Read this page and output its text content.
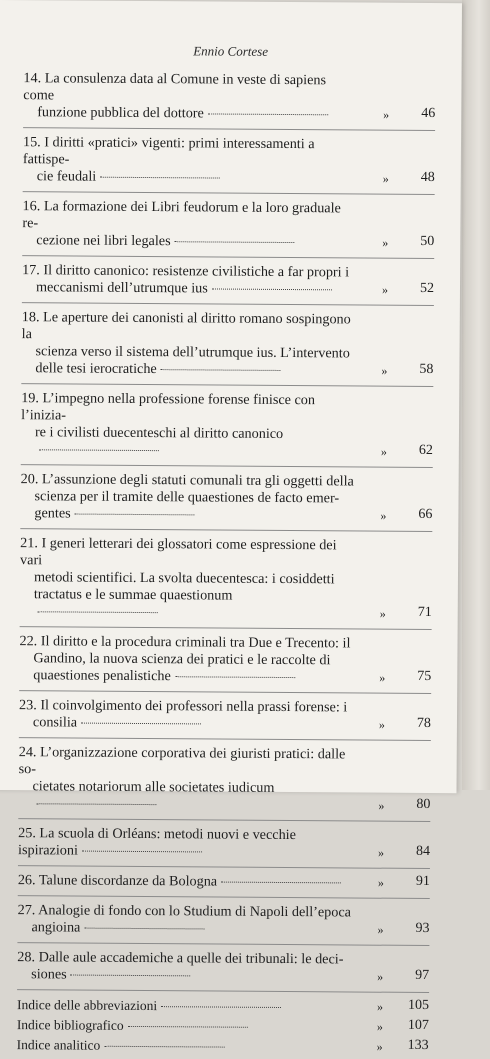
Ennio Cortese
14. La consulenza data al Comune in veste di sapiens come
funzione pubblica del dottore	» 46
15. I diritti «pratici» vigenti: primi interessamenti a fattispe-
cie feudali	» 48
16. La formazione dei Libri feudorum e la loro graduale re-
cezione nei libri legales	» 50
17. Il diritto canonico: resistenze civilistiche a far propri i
meccanismi dell’utrumque ius	» 52
18. Le aperture dei canonisti al diritto romano sospingono la
scienza verso il sistema dell’utrumque ius. L’intervento
delle tesi ierocratiche	» 58
19. L’impegno nella professione forense finisce con l’inizia-
re i civilisti duecenteschi al diritto canonico
» 62
20. L’assunzione degli statuti comunali tra gli oggetti della
scienza per il tramite delle quaestiones de facto emer-
gentes	» 66
21. I generi letterari dei glossatori come espressione dei vari
metodi scientifici. La svolta duecentesca: i cosiddetti
tractatus e le summae quaestionum
» 71
22. Il diritto e la procedura criminali tra Due e Trecento: il
Gandino, la nuova scienza dei pratici e le raccolte di
quaestiones penalistiche	» 75
23. Il coinvolgimento dei professori nella prassi forense: i
consilia	» 78
24. L’organizzazione corporativa dei giuristi pratici: dalle so-
cietates notariorum alle societates iudicum
» 80
25. La scuola di Orléans: metodi nuovi e vecchie ispirazioni	» 84
26. Talune discordanze da Bologna	» 91
27. Analogie di fondo con lo Studium di Napoli dell’epoca
angioina	» 93
28. Dalle aule accademiche a quelle dei tribunali: le deci-
siones	» 97
Indice delle abbreviazioni	» 105
Indice bibliografico	» 107
Indice analitico	» 133
